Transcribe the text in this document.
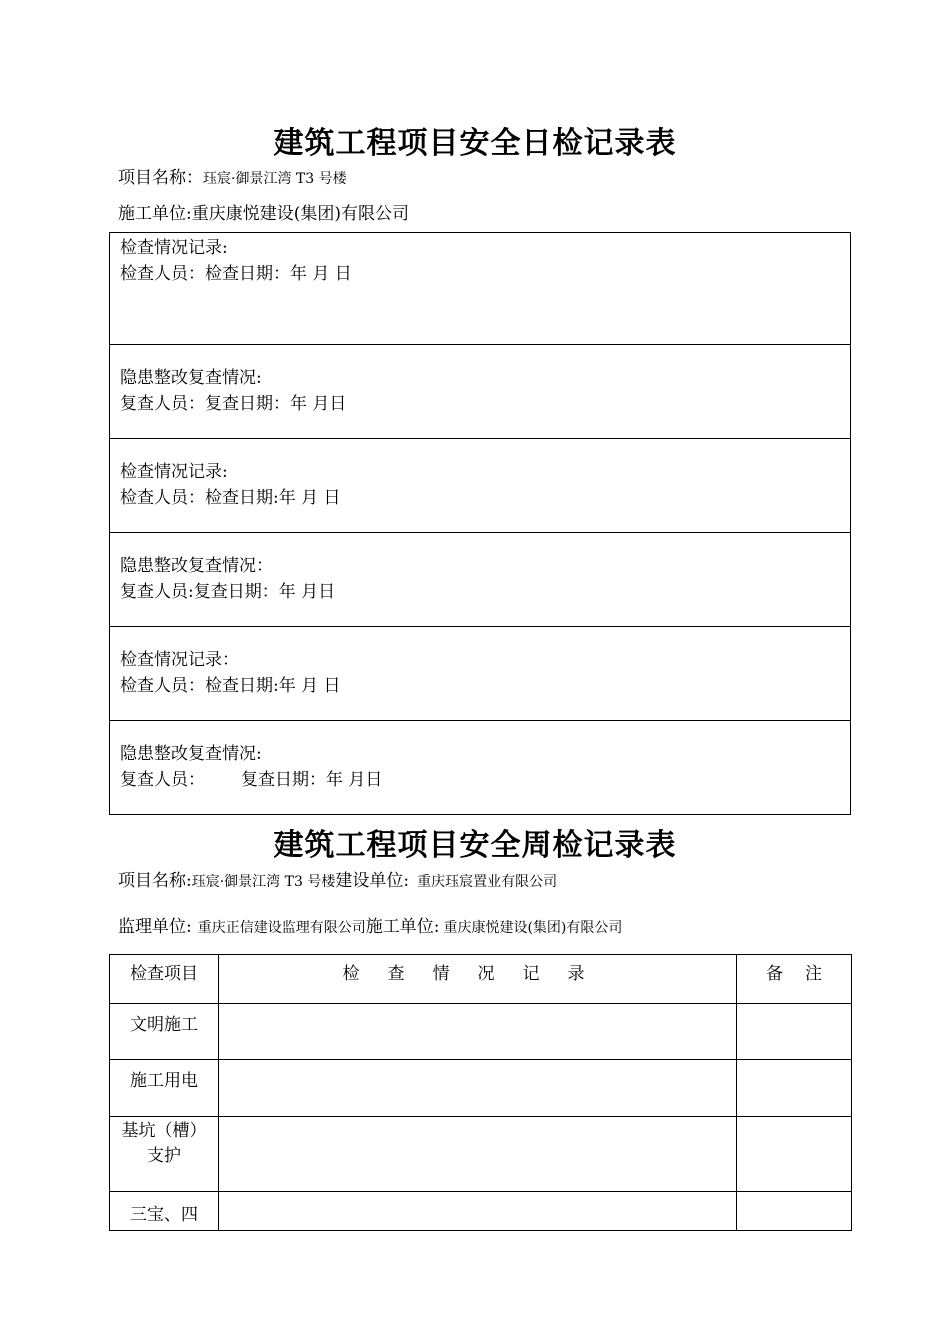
建筑工程项目安全日检记录表
项目名称：珏宸·御景江湾 T3 号楼
施工单位:重庆康悦建设(集团)有限公司
检查情况记录:
检查人员：检查日期：年 月 日

隐患整改复查情况:
复查人员：复查日期：年 月日

检查情况记录:
检查人员：检查日期:年 月 日

隐患整改复查情况：
复查人员:复查日期：年 月日

检查情况记录：
检查人员：检查日期:年 月 日

隐患整改复查情况:
复查人员： 复查日期：年 月日
建筑工程项目安全周检记录表
项目名称:珏宸·御景江湾 T3 号楼建设单位: 重庆珏宸置业有限公司
监理单位: 重庆正信建设监理有限公司施工单位: 重庆康悦建设(集团)有限公司
检查项目	检查情况记录	备注
文明施工		
施工用电		
基坑（槽）支护		
三宝、四		
